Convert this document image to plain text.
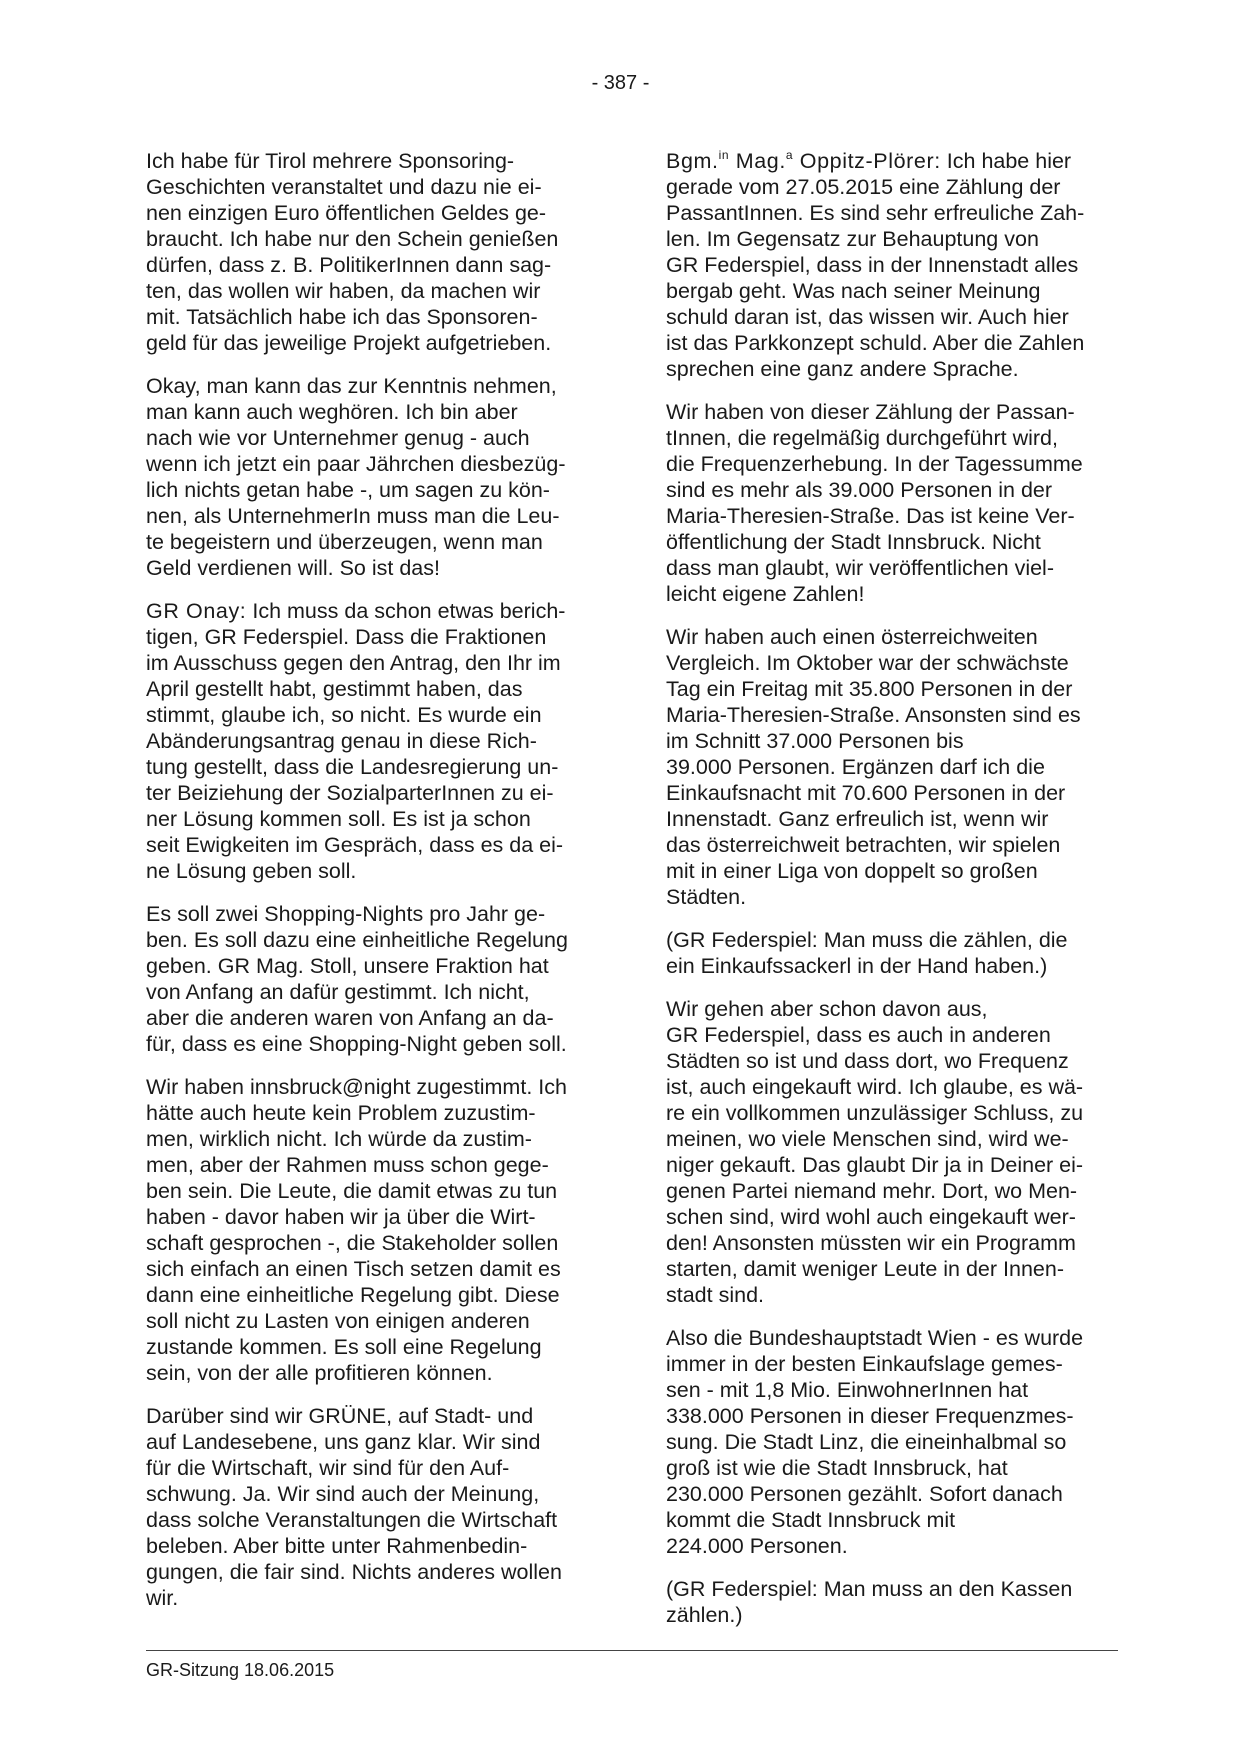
- 387 -

Ich habe für Tirol mehrere Sponsoring-
Geschichten veranstaltet und dazu nie ei-
nen einzigen Euro öffentlichen Geldes ge-
braucht. Ich habe nur den Schein genießen
dürfen, dass z. B. PolitikerInnen dann sag-
ten, das wollen wir haben, da machen wir
mit. Tatsächlich habe ich das Sponsoren-
geld für das jeweilige Projekt aufgetrieben.

Okay, man kann das zur Kenntnis nehmen,
man kann auch weghören. Ich bin aber
nach wie vor Unternehmer genug - auch
wenn ich jetzt ein paar Jährchen diesbezüg-
lich nichts getan habe -, um sagen zu kön-
nen, als UnternehmerIn muss man die Leu-
te begeistern und überzeugen, wenn man
Geld verdienen will. So ist das!

GR Onay: Ich muss da schon etwas berich-
tigen, GR Federspiel. Dass die Fraktionen
im Ausschuss gegen den Antrag, den Ihr im
April gestellt habt, gestimmt haben, das
stimmt, glaube ich, so nicht. Es wurde ein
Abänderungsantrag genau in diese Rich-
tung gestellt, dass die Landesregierung un-
ter Beiziehung der SozialparterInnen zu ei-
ner Lösung kommen soll. Es ist ja schon
seit Ewigkeiten im Gespräch, dass es da ei-
ne Lösung geben soll.

Es soll zwei Shopping-Nights pro Jahr ge-
ben. Es soll dazu eine einheitliche Regelung
geben. GR Mag. Stoll, unsere Fraktion hat
von Anfang an dafür gestimmt. Ich nicht,
aber die anderen waren von Anfang an da-
für, dass es eine Shopping-Night geben soll.

Wir haben innsbruck@night zugestimmt. Ich
hätte auch heute kein Problem zuzustim-
men, wirklich nicht. Ich würde da zustim-
men, aber der Rahmen muss schon gege-
ben sein. Die Leute, die damit etwas zu tun
haben - davor haben wir ja über die Wirt-
schaft gesprochen -, die Stakeholder sollen
sich einfach an einen Tisch setzen damit es
dann eine einheitliche Regelung gibt. Diese
soll nicht zu Lasten von einigen anderen
zustande kommen. Es soll eine Regelung
sein, von der alle profitieren können.

Darüber sind wir GRÜNE, auf Stadt- und
auf Landesebene, uns ganz klar. Wir sind
für die Wirtschaft, wir sind für den Auf-
schwung. Ja. Wir sind auch der Meinung,
dass solche Veranstaltungen die Wirtschaft
beleben. Aber bitte unter Rahmenbedin-
gungen, die fair sind. Nichts anderes wollen
wir.

Bgm.$^{in}$ Mag.$^a$ Oppitz-Plörer: Ich habe hier
gerade vom 27.05.2015 eine Zählung der
PassantInnen. Es sind sehr erfreuliche Zah-
len. Im Gegensatz zur Behauptung von
GR Federspiel, dass in der Innenstadt alles
bergab geht. Was nach seiner Meinung
schuld daran ist, das wissen wir. Auch hier
ist das Parkkonzept schuld. Aber die Zahlen
sprechen eine ganz andere Sprache.

Wir haben von dieser Zählung der Passan-
tInnen, die regelmäßig durchgeführt wird,
die Frequenzerhebung. In der Tagessumme
sind es mehr als 39.000 Personen in der
Maria-Theresien-Straße. Das ist keine Ver-
öffentlichung der Stadt Innsbruck. Nicht
dass man glaubt, wir veröffentlichen viel-
leicht eigene Zahlen!

Wir haben auch einen österreichweiten
Vergleich. Im Oktober war der schwächste
Tag ein Freitag mit 35.800 Personen in der
Maria-Theresien-Straße. Ansonsten sind es
im Schnitt 37.000 Personen bis
39.000 Personen. Ergänzen darf ich die
Einkaufsnacht mit 70.600 Personen in der
Innenstadt. Ganz erfreulich ist, wenn wir
das österreichweit betrachten, wir spielen
mit in einer Liga von doppelt so großen
Städten.

(GR Federspiel: Man muss die zählen, die
ein Einkaufssackerl in der Hand haben.)

Wir gehen aber schon davon aus,
GR Federspiel, dass es auch in anderen
Städten so ist und dass dort, wo Frequenz
ist, auch eingekauft wird. Ich glaube, es wä-
re ein vollkommen unzulässiger Schluss, zu
meinen, wo viele Menschen sind, wird we-
niger gekauft. Das glaubt Dir ja in Deiner ei-
genen Partei niemand mehr. Dort, wo Men-
schen sind, wird wohl auch eingekauft wer-
den! Ansonsten müssten wir ein Programm
starten, damit weniger Leute in der Innen-
stadt sind.

Also die Bundeshauptstadt Wien - es wurde
immer in der besten Einkaufslage gemes-
sen - mit 1,8 Mio. EinwohnerInnen hat
338.000 Personen in dieser Frequenzmes-
sung. Die Stadt Linz, die eineinhalbmal so
groß ist wie die Stadt Innsbruck, hat
230.000 Personen gezählt. Sofort danach
kommt die Stadt Innsbruck mit
224.000 Personen.

(GR Federspiel: Man muss an den Kassen
zählen.)

GR-Sitzung 18.06.2015
